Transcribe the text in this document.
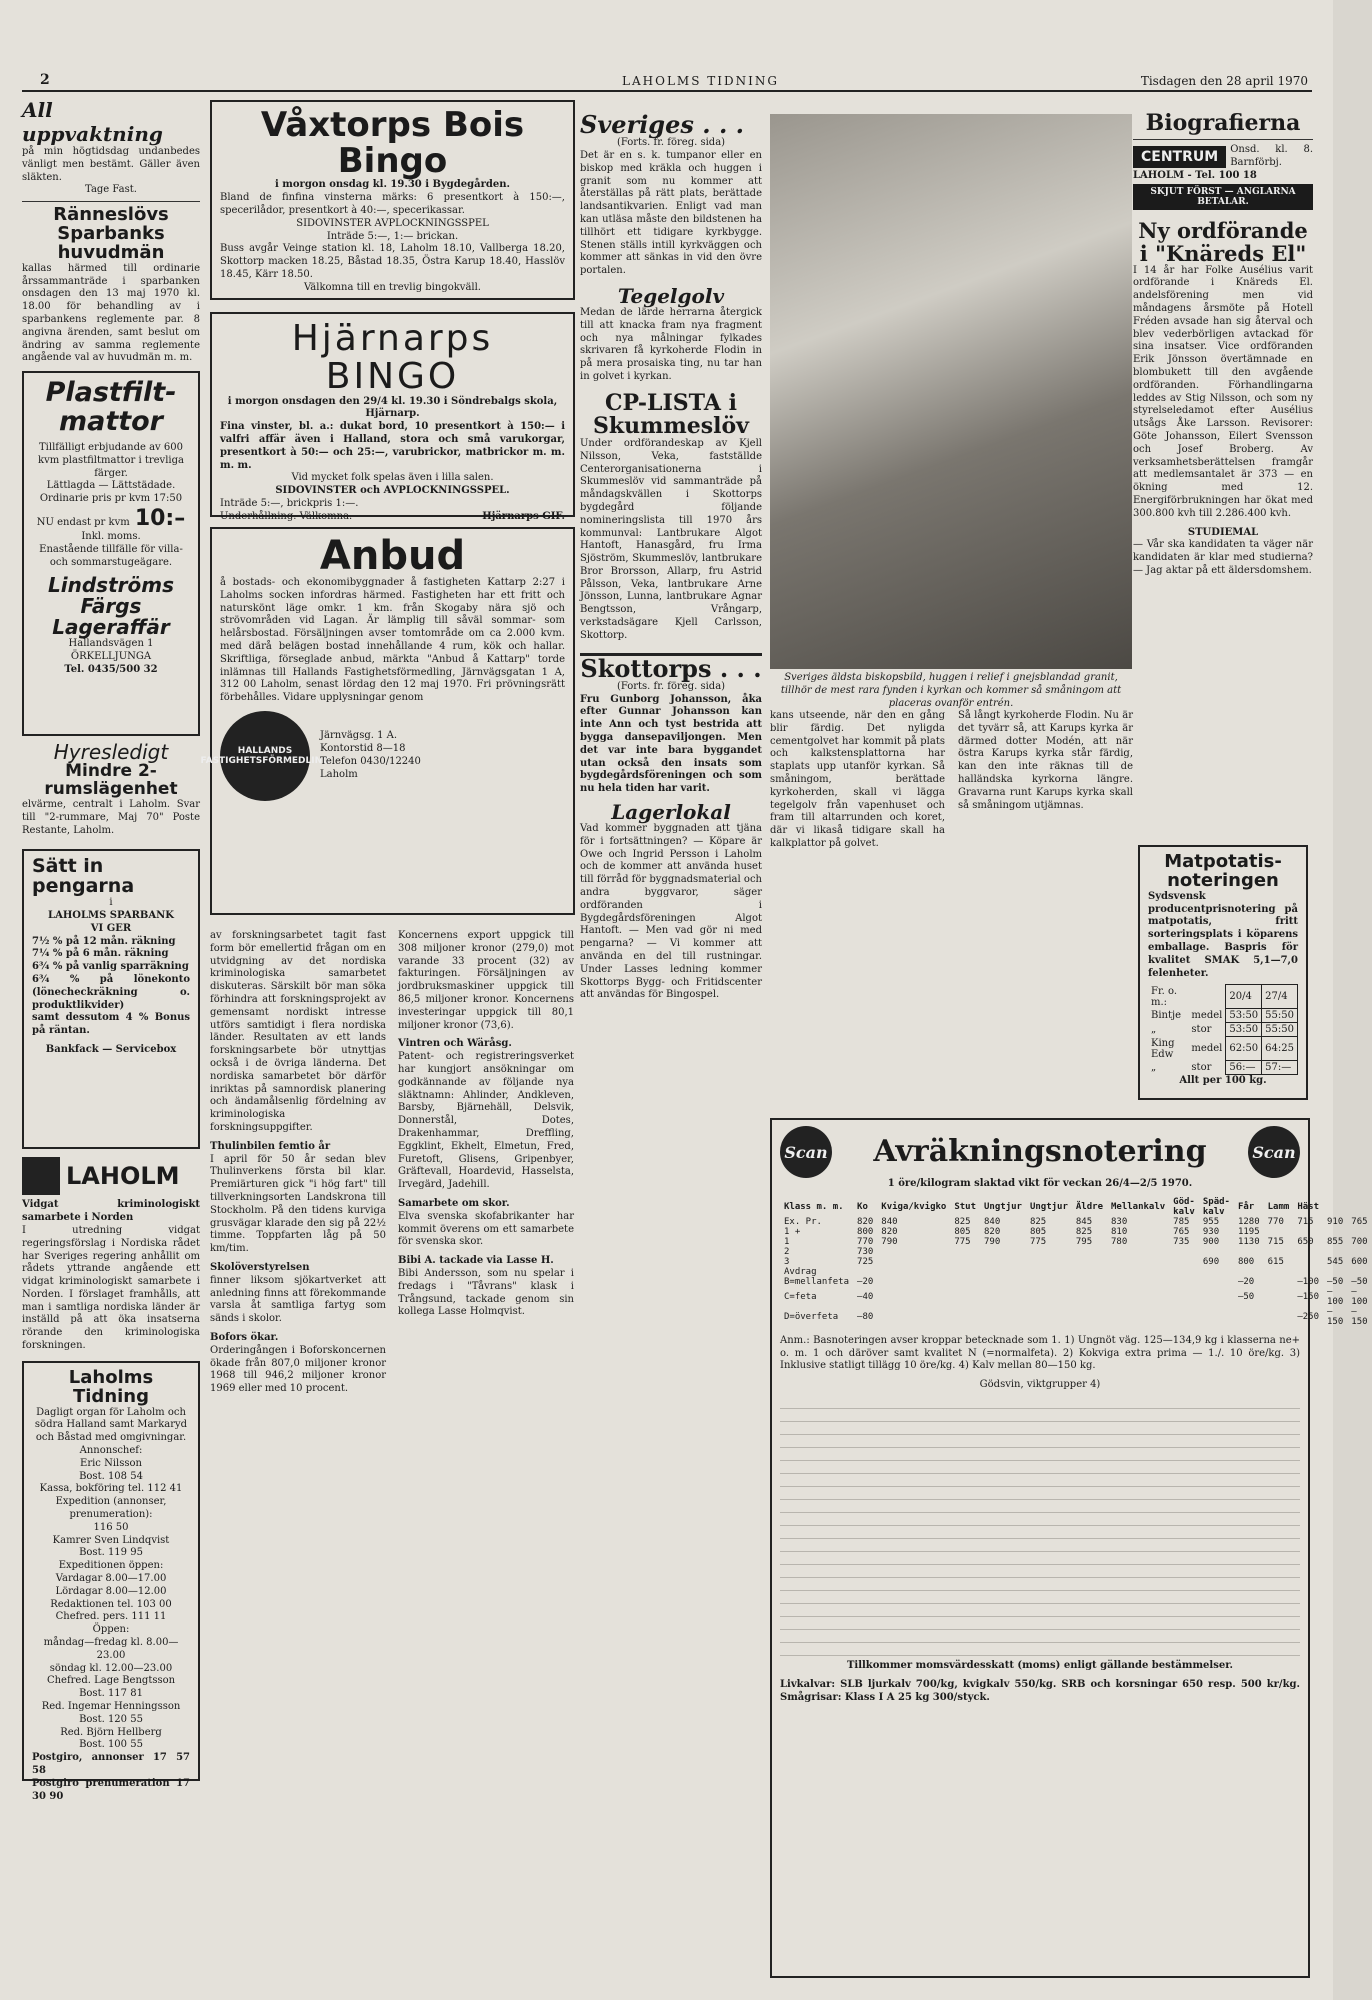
2	LAHOLMS TIDNING	Tisdagen den 28 april 1970
All uppvaktning
på min högtidsdag undanbedes vänligt men bestämt. Gäller även släkten.
Tage Fast.
Ränneslövs Sparbanks huvudmän
kallas härmed till ordinarie årssammanträde i sparbanken onsdagen den 13 maj 1970 kl. 18.00 för behandling av i sparbankens reglemente par. 8 angivna ärenden, samt beslut om ändring av samma reglemente angående val av huvudmän m. m.
Plastfilt-mattor
Tillfälligt erbjudande av 600 kvm plastfiltmattor i trevliga färger.
Lättlagda — Lättstädade.
Ordinarie pris pr kvm 17:50
NU endast pr kvm 10:–
Inkl. moms.
Enastående tillfälle för villa- och sommarstugeägare.
Lindströms Färgs Lageraffär
Hallandsvägen 1
ÖRKELLJUNGA
Tel. 0435/500 32
Hyresledigt
Mindre 2-rumslägenhet
elvärme, centralt i Laholm. Svar till "2-rummare, Maj 70" Poste Restante, Laholm.
Sätt in pengarna
i
LAHOLMS SPARBANK
VI GER
7½ % på 12 mån. räkning
7¼ % på 6 mån. räkning
6¾ % på vanlig sparräkning
6¾ % på lönekonto (lönecheckräkning o. produktlikvider)
samt dessutom 4 % Bonus på räntan.
Bankfack — Servicebox
LAHOLM
Vidgat kriminologiskt samarbete i Norden
I utredning vidgat regeringsförslag i Nordiska rådet har Sveriges regering anhållit om rådets yttrande angående ett vidgat kriminologiskt samarbete i Norden. I förslaget framhålls, att man i samtliga nordiska länder är inställd på att öka insatserna rörande den kriminologiska forskningen.
Laholms Tidning
Dagligt organ för Laholm och södra Halland samt Markaryd och Båstad med omgivningar.
Annonschef:
Eric Nilsson
Bost. 108 54
Kassa, bokföring tel. 112 41
Expedition (annonser, prenumeration):
116 50
Kamrer Sven Lindqvist
Bost. 119 95
Expeditionen öppen:
Vardagar 8.00—17.00
Lördagar 8.00—12.00
Redaktionen tel. 103 00
Chefred. pers. 111 11
Öppen:
måndag—fredag kl. 8.00—23.00
söndag kl. 12.00—23.00
Chefred. Lage Bengtsson
Bost. 117 81
Red. Ingemar Henningsson
Bost. 120 55
Red. Björn Hellberg
Bost. 100 55
Postgiro, annonser 17 57 58
Postgiro prenumeration 17 30 90
Våxtorps Bois Bingo
i morgon onsdag kl. 19.30 i Bygdegården.
Bland de finfina vinsterna märks: 6 presentkort à 150:—, specerilådor, presentkort à 40:—, specerikassar.
SIDOVINSTER AVPLOCKNINGSSPEL
Inträde 5:—, 1:— brickan.
Buss avgår Veinge station kl. 18, Laholm 18.10, Vallberga 18.20, Skottorp macken 18.25, Båstad 18.35, Östra Karup 18.40, Hasslöv 18.45, Kärr 18.50.
Välkomna till en trevlig bingokväll.
Hjärnarps BINGO
i morgon onsdagen den 29/4 kl. 19.30 i Söndrebalgs skola, Hjärnarp.
Fina vinster, bl. a.: dukat bord, 10 presentkort à 150:— i valfri affär även i Halland, stora och små varukorgar, presentkort à 50:— och 25:—, varubrickor, matbrickor m. m. m. m.
Vid mycket folk spelas även i lilla salen.
SIDOVINSTER och AVPLOCKNINGSSPEL.
Inträde 5:—, brickpris 1:—.
Underhållning. Välkomna.	Hjärnarps GIF.
Anbud
å bostads- och ekonomibyggnader å fastigheten Kattarp 2:27 i Laholms socken infordras härmed. Fastigheten har ett fritt och naturskönt läge omkr. 1 km. från Skogaby nära sjö och strövområden vid Lagan. Är lämplig till såväl sommar- som helårsbostad. Försäljningen avser tomtområde om ca 2.000 kvm. med därå belägen bostad innehållande 4 rum, kök och hallar. Skriftliga, förseglade anbud, märkta "Anbud å Kattarp" torde inlämnas till Hallands Fastighetsförmedling, Järnvägsgatan 1 A, 312 00 Laholm, senast lördag den 12 maj 1970. Fri prövningsrätt förbehålles. Vidare upplysningar genom
HALLANDS FASTIGHETSFÖRMEDLING
Järnvägsg. 1 A.
Kontorstid 8—18
Telefon 0430/12240
Laholm
av forskningsarbetet tagit fast form bör emellertid frågan om en utvidgning av det nordiska kriminologiska samarbetet diskuteras. Särskilt bör man söka förhindra att forskningsprojekt av gemensamt nordiskt intresse utförs samtidigt i flera nordiska länder. Resultaten av ett lands forskningsarbete bör utnyttjas också i de övriga länderna. Det nordiska samarbetet bör därför inriktas på samnordisk planering och ändamålsenlig fördelning av kriminologiska forskningsuppgifter.
Thulinbilen femtio år
I april för 50 år sedan blev Thulinverkens första bil klar. Premiärturen gick "i hög fart" till tillverkningsorten Landskrona till Stockholm. På den tidens kurviga grusvägar klarade den sig på 22½ timme. Toppfarten låg på 50 km/tim.
Skolöverstyrelsen
finner liksom sjökartverket att anledning finns att förekommande varsla åt samtliga fartyg som sänds i skolor.
Bofors ökar.
Orderingången i Boforskoncernen ökade från 807,0 miljoner kronor 1968 till 946,2 miljoner kronor 1969 eller med 10 procent.
Koncernens export uppgick till 308 miljoner kronor (279,0) mot varande 33 procent (32) av fakturingen. Försäljningen av jordbruksmaskiner uppgick till 86,5 miljoner kronor. Koncernens investeringar uppgick till 80,1 miljoner kronor (73,6).
Vintren och Wäråsg.
Patent- och registreringsverket har kungjort ansökningar om godkännande av följande nya släktnamn: Ahlinder, Andkleven, Barsby, Bjärnehäll, Delsvik, Donnerstål, Dotes, Drakenhammar, Dreffling, Eggklint, Ekhelt, Elmetun, Fred, Furetoft, Glisens, Gripenbyer, Gräftevall, Hoardevid, Hasselsta, Irvegärd, Jadehill.
Samarbete om skor.
Elva svenska skofabrikanter har kommit överens om ett samarbete för svenska skor.
Bibi A. tackade via Lasse H.
Bibi Andersson, som nu spelar i fredags i "Tåvrans" klask i Trångsund, tackade genom sin kollega Lasse Holmqvist.
Sveriges . . .
(Forts. fr. föreg. sida)
Det är en s. k. tumpanor eller en biskop med kräkla och huggen i granit som nu kommer att återställas på rätt plats, berättade landsantikvarien. Enligt vad man kan utläsa måste den bildstenen ha tillhört ett tidigare kyrkbygge. Stenen ställs intill kyrkväggen och kommer att sänkas in vid den övre portalen.
Tegelgolv
Medan de lärde herrarna återgick till att knacka fram nya fragment och nya målningar fylkades skrivaren få kyrkoherde Flodin in på mera prosaiska ting, nu tar han in golvet i kyrkan.
CP-LISTA i Skummeslöv
Under ordförandeskap av Kjell Nilsson, Veka, fastställde Centerorganisationerna i Skummeslöv vid sammanträde på måndagskvällen i Skottorps bygdegård följande nomineringslista till 1970 års kommunval: Lantbrukare Algot Hantoft, Hanasgård, fru Irma Sjöström, Skummeslöv, lantbrukare Bror Brorsson, Allarp, fru Astrid Pålsson, Veka, lantbrukare Arne Jönsson, Lunna, lantbrukare Agnar Bengtsson, Vrångarp, verkstadsägare Kjell Carlsson, Skottorp.
Skottorps . . .
(Forts. fr. föreg. sida)
Fru Gunborg Johansson, åka efter Gunnar Johansson kan inte Ann och tyst bestrida att bygga dansepaviljongen. Men det var inte bara byggandet utan också den insats som bygdegårdsföreningen och som nu hela tiden har varit.
Lagerlokal
Vad kommer byggnaden att tjäna för i fortsättningen? — Köpare är Owe och Ingrid Persson i Laholm och de kommer att använda huset till förråd för byggnadsmaterial och andra byggvaror, säger ordföranden i Bygdegårdsföreningen Algot Hantoft. — Men vad gör ni med pengarna? — Vi kommer att använda en del till rustningar. Under Lasses ledning kommer Skottorps Bygg- och Fritidscenter att användas för Bingospel.
Sveriges äldsta biskopsbild, huggen i relief i gnejsblandad granit, tillhör de mest rara fynden i kyrkan och kommer så småningom att placeras ovanför entrén.
kans utseende, när den en gång blir färdig. Det nyligda cementgolvet har kommit på plats och kalkstensplattorna har staplats upp utanför kyrkan. Så småningom, berättade kyrkoherden, skall vi lägga tegelgolv från vapenhuset och fram till altarrunden och koret, där vi likaså tidigare skall ha kalkplattor på golvet.
Så långt kyrkoherde Flodin. Nu är det tyvärr så, att Karups kyrka är därmed dotter Modén, att när östra Karups kyrka står färdig, kan den inte räknas till de halländska kyrkorna längre. Gravarna runt Karups kyrka skall så småningom utjämnas.
Biografierna
CENTRUM	Onsd. kl. 8. Barnförbj.
LAHOLM - Tel. 100 18
SKJUT FÖRST — ANGLARNA BETALAR.
Ny ordförande i "Knäreds El"
I 14 år har Folke Ausélius varit ordförande i Knäreds El. andelsförening men vid måndagens årsmöte på Hotell Fréden avsade han sig återval och blev vederbörligen avtackad för sina insatser. Vice ordföranden Erik Jönsson övertämnade en blombukett till den avgående ordföranden. Förhandlingarna leddes av Stig Nilsson, och som ny styrelseledamot efter Ausélius utsågs Åke Larsson. Revisorer: Göte Johansson, Eilert Svensson och Josef Broberg. Av verksamhetsberättelsen framgår att medlemsantalet är 373 — en ökning med 12. Energiförbrukningen har ökat med 300.800 kvh till 2.286.400 kvh.
STUDIEMAL
— Vår ska kandidaten ta väger när kandidaten är klar med studierna? — Jag aktar på ett äldersdomshem.
Matpotatis-noteringen
Sydsvensk producentprisnotering på matpotatis, fritt sorteringsplats i köparens emballage. Baspris för kvalitet SMAK 5,1—7,0 felenheter.
Fr. o. m.:		20/4	27/4
Bintje	medel	53:50	55:50
„	stor	53:50	55:50
King Edw	medel	62:50	64:25
„	stor	56:—	57:—
Allt per 100 kg.
Scan Avräkningsnotering	Scan
1 öre/kilogram slaktad vikt för veckan 26/4—2/5 1970.
Klass m. m.	Ko	Kviga/kvigko	Stut	Ungtjur	Ungtjur	Äldre	Mellankalv	Göd-kalv	Späd-kalv	Får	Lamm	Häst		
Ex. Pr.	820	840	825	840	825	845	830	785	955	1280	770	715	910	765
1 +	800	820	805	820	805	825	810	765	930	1195				
1	770	790	775	790	775	795	780	735	900	1130	715	650	855	700
2	730													
3	725								690	800	615		545	600
Avdrag														
B=mellanfeta	—20									—20		—100	—50	—50
C=feta	—40									—50		—150	—100	—100
D=överfeta	—80											—250	—150	—150
Anm.: Basnoteringen avser kroppar betecknade som 1. 1) Ungnöt väg. 125—134,9 kg i klasserna ne+ o. m. 1 och däröver samt kvalitet N (=normalfeta). 2) Kokviga extra prima — 1./. 10 öre/kg. 3) Inklusive statligt tillägg 10 öre/kg. 4) Kalv mellan 80—150 kg.
Gödsvin, viktgrupper 4)
Tillkommer momsvärdesskatt (moms) enligt gällande bestämmelser.
Livkalvar: SLB ljurkalv 700/kg, kvigkalv 550/kg. SRB och korsningar 650 resp. 500 kr/kg. Smågrisar: Klass I A 25 kg 300/styck.
